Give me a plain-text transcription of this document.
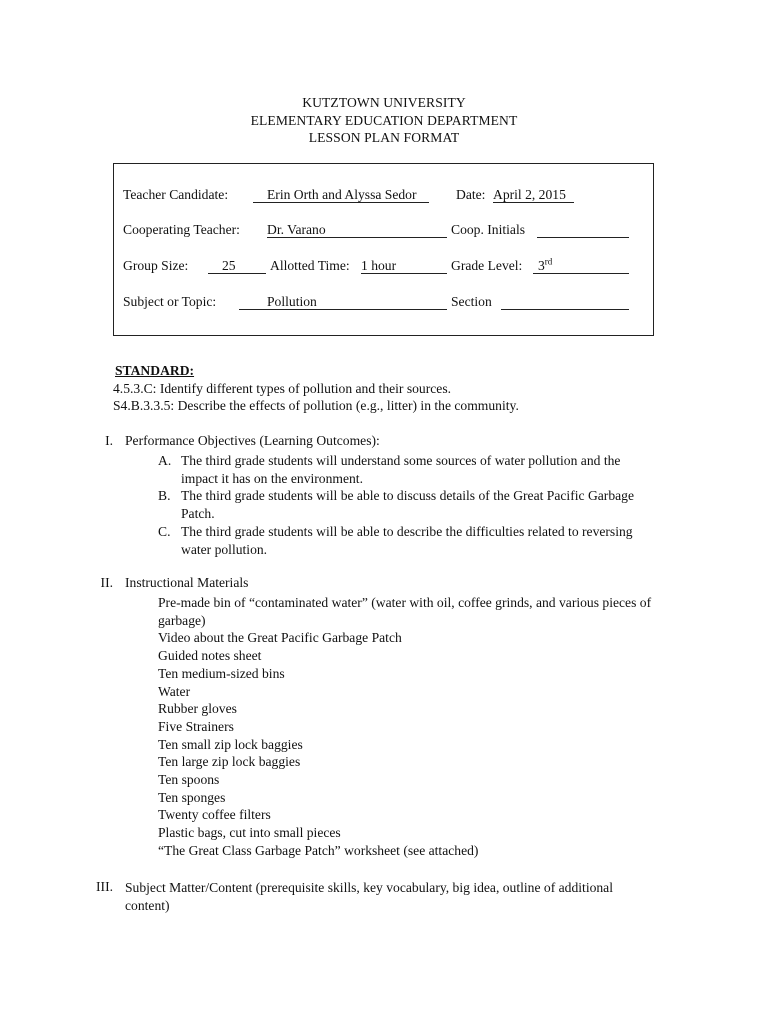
KUTZTOWN UNIVERSITY
ELEMENTARY EDUCATION DEPARTMENT
LESSON PLAN FORMAT
Teacher Candidate:	Erin Orth and Alyssa Sedor	Date: April 2, 2015
Cooperating Teacher: Dr. Varano	Coop. Initials
Group Size:	25	Allotted Time: 1 hour	Grade Level:	3rd
Subject or Topic:	Pollution	Section
STANDARD:
4.5.3.C: Identify different types of pollution and their sources.
S4.B.3.3.5: Describe the effects of pollution (e.g., litter) in the community.
I. Performance Objectives (Learning Outcomes):
A. The third grade students will understand some sources of water pollution and the impact it has on the environment.
B. The third grade students will be able to discuss details of the Great Pacific Garbage Patch.
C. The third grade students will be able to describe the difficulties related to reversing water pollution.
II. Instructional Materials
Pre-made bin of “contaminated water” (water with oil, coffee grinds, and various pieces of garbage)
Video about the Great Pacific Garbage Patch
Guided notes sheet
Ten medium-sized bins
Water
Rubber gloves
Five Strainers
Ten small zip lock baggies
Ten large zip lock baggies
Ten spoons
Ten sponges
Twenty coffee filters
Plastic bags, cut into small pieces
“The Great Class Garbage Patch” worksheet (see attached)
III. Subject Matter/Content (prerequisite skills, key vocabulary, big idea, outline of additional content)
